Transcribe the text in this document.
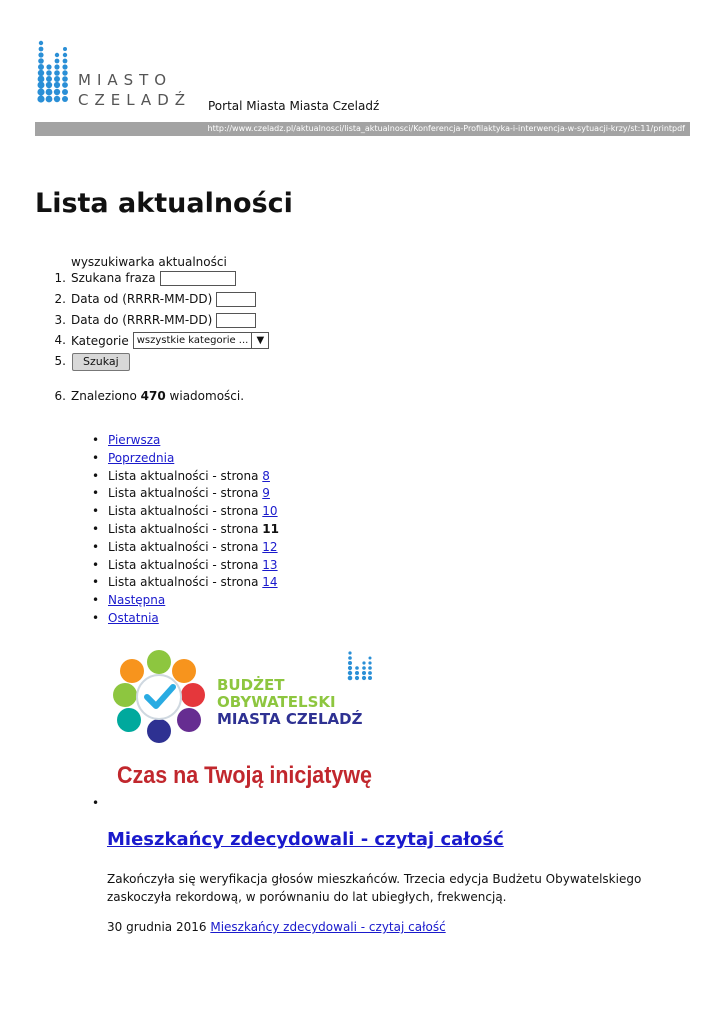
MIASTO
CZELADŹ Portal Miasta Miasta Czeladź
http://www.czeladz.pl/aktualnosci/lista_aktualnosci/Konferencja-Profilaktyka-i-interwencja-w-sytuacji-krzy/st:11/printpdf
Lista aktualności
wyszukiwarka aktualności
1. Szukana fraza
2. Data od (RRRR-MM-DD)
3. Data do (RRRR-MM-DD)
4. Kategorie wszystkie kategorie ... ▼
5.	Szukaj
6. Znaleziono
470
wiadomości.
• Pierwsza
• Poprzednia
• Lista aktualności - strona 8
• Lista aktualności - strona 9
• Lista aktualności - strona 10
• Lista aktualności - strona 11
• Lista aktualności - strona 12
• Lista aktualności - strona 13
• Lista aktualności - strona 14
• Następna
• Ostatnia
BUDŻET
OBYWATELSKI
MIASTA CZELADŹ
Czas na Twoją inicjatywę
•
Mieszkańcy zdecydowali - czytaj całość

Zakończyła się weryfikacja głosów mieszkańców. Trzecia edycja Budżetu Obywatelskiego zaskoczyła rekordową, w porównaniu do lat ubiegłych, frekwencją.

30 grudnia 2016 Mieszkańcy zdecydowali - czytaj całość
